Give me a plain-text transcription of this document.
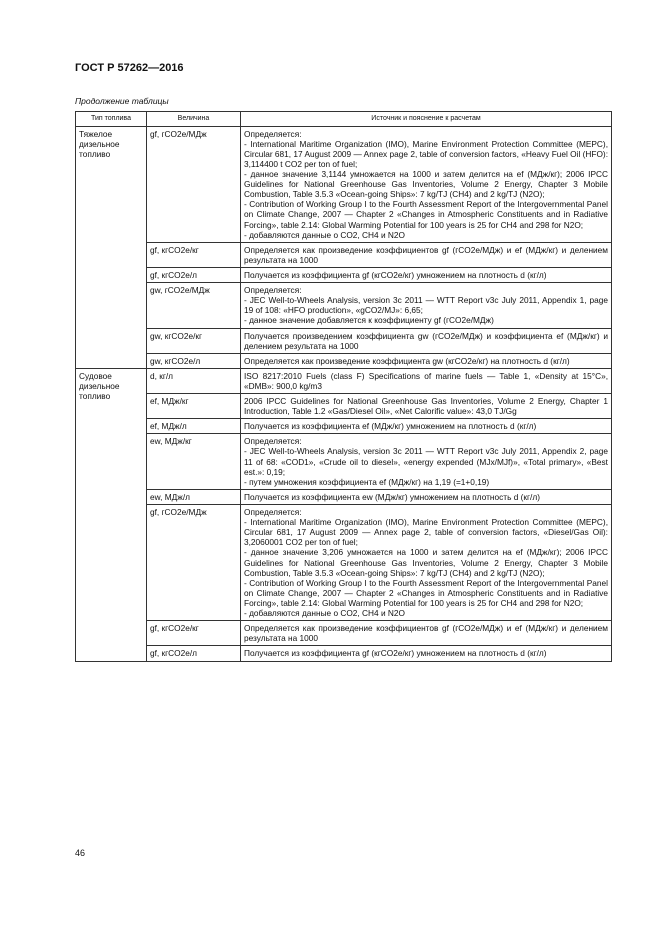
ГОСТ Р 57262—2016
Продолжение таблицы
Тип топлива	Величина	Источник и пояснение к расчетам
Тяжелое дизельное топливо	gf, гCO2е/МДж	Определяется:
- International Maritime Organization (IMO), Marine Environment Protection Committee (MEPC), Circular 681, 17 August 2009 — Annex page 2, table of conversion factors, «Heavy Fuel Oil (HFO): 3,114400 t CO2 per ton of fuel;
- данное значение 3,1144 умножается на 1000 и затем делится на ef (МДж/кг); 2006 IPCC Guidelines for National Greenhouse Gas Inventories, Volume 2 Energy, Chapter 3 Mobile Combustion, Table 3.5.3 «Ocean-going Ships»: 7 kg/TJ (CH4) and 2 kg/TJ (N2O);
- Contribution of Working Group I to the Fourth Assessment Report of the Intergovernmental Panel on Climate Change, 2007 — Chapter 2 «Changes in Atmospheric Constituents and in Radiative Forcing», table 2.14: Global Warming Potential for 100 years is 25 for CH4 and 298 for N2O;
- добавляются данные о CO2, CH4 и N2O

	gf, кгCO2е/кг	Определяется как произведение коэффициентов gf (гCO2е/МДж) и ef (МДж/кг) и делением результата на 1000

	gf, кгCO2е/л	Получается из коэффициента gf (кгCO2е/кг) умножением на плотность d (кг/л)

	gw, гCO2е/МДж	Определяется:
- JEC Well-to-Wheels Analysis, version 3c 2011 — WTT Report v3c July 2011, Appendix 1, page 19 of 108: «HFO production», «gCO2/MJ»: 6,65;
- данное значение добавляется к коэффициенту gf (гCO2е/МДж)

	gw, кгCO2е/кг	Получается произведением коэффициента gw (гCO2е/МДж) и коэффициента ef (МДж/кг) и делением результата на 1000

	gw, кгCO2е/л	Определяется как произведение коэффициента gw (кгCO2е/кг) на плотность d (кг/л)

Судовое дизельное топливо	d, кг/л	ISO 8217:2010 Fuels (class F) Specifications of marine fuels — Table 1, «Density at 15°С», «DMB»: 900,0 kg/m3

	ef, МДж/кг	2006 IPCC Guidelines for National Greenhouse Gas Inventories, Volume 2 Energy, Chapter 1 Introduction, Table 1.2 «Gas/Diesel Oil», «Net Calorific value»: 43,0 TJ/Gg

	ef, МДж/л	Получается из коэффициента ef (МДж/кг) умножением на плотность d (кг/л)

	ew, МДж/кг	Определяется:
- JEC Well-to-Wheels Analysis, version 3c 2011 — WTT Report v3c July 2011, Appendix 2, page 11 of 68: «COD1», «Crude oil to diesel», «energy expended (MJx/MJf)», «Total primary», «Best est.»: 0,19;
- путем умножения коэффициента ef (МДж/кг) на 1,19 (=1+0,19)

	ew, МДж/л	Получается из коэффициента ew (МДж/кг) умножением на плотность d (кг/л)

	gf, гCO2е/МДж	Определяется:
- International Maritime Organization (IMO), Marine Environment Protection Committee (MEPC), Circular 681, 17 August 2009 — Annex page 2, table of conversion factors, «Diesel/Gas Oil): 3,2060001 CO2 per ton of fuel;
- данное значение 3,206 умножается на 1000 и затем делится на ef (МДж/кг); 2006 IPCC Guidelines for National Greenhouse Gas Inventories, Volume 2 Energy, Chapter 3 Mobile Combustion, Table 3.5.3 «Ocean-going Ships»: 7 kg/TJ (CH4) and 2 kg/TJ (N2O);
- Contribution of Working Group I to the Fourth Assessment Report of the Intergovernmental Panel on Climate Change, 2007 — Chapter 2 «Changes in Atmospheric Constituents and in Radiative Forcing», table 2.14: Global Warming Potential for 100 years is 25 for CH4 and 298 for N2O;
- добавляются данные о CO2, CH4 и N2O

	gf, кгCO2е/кг	Определяется как произведение коэффициентов gf (гCO2е/МДж) и ef (МДж/кг) и делением результата на 1000

	gf, кгCO2е/л	Получается из коэффициента gf (кгCO2е/кг) умножением на плотность d (кг/л)
46
